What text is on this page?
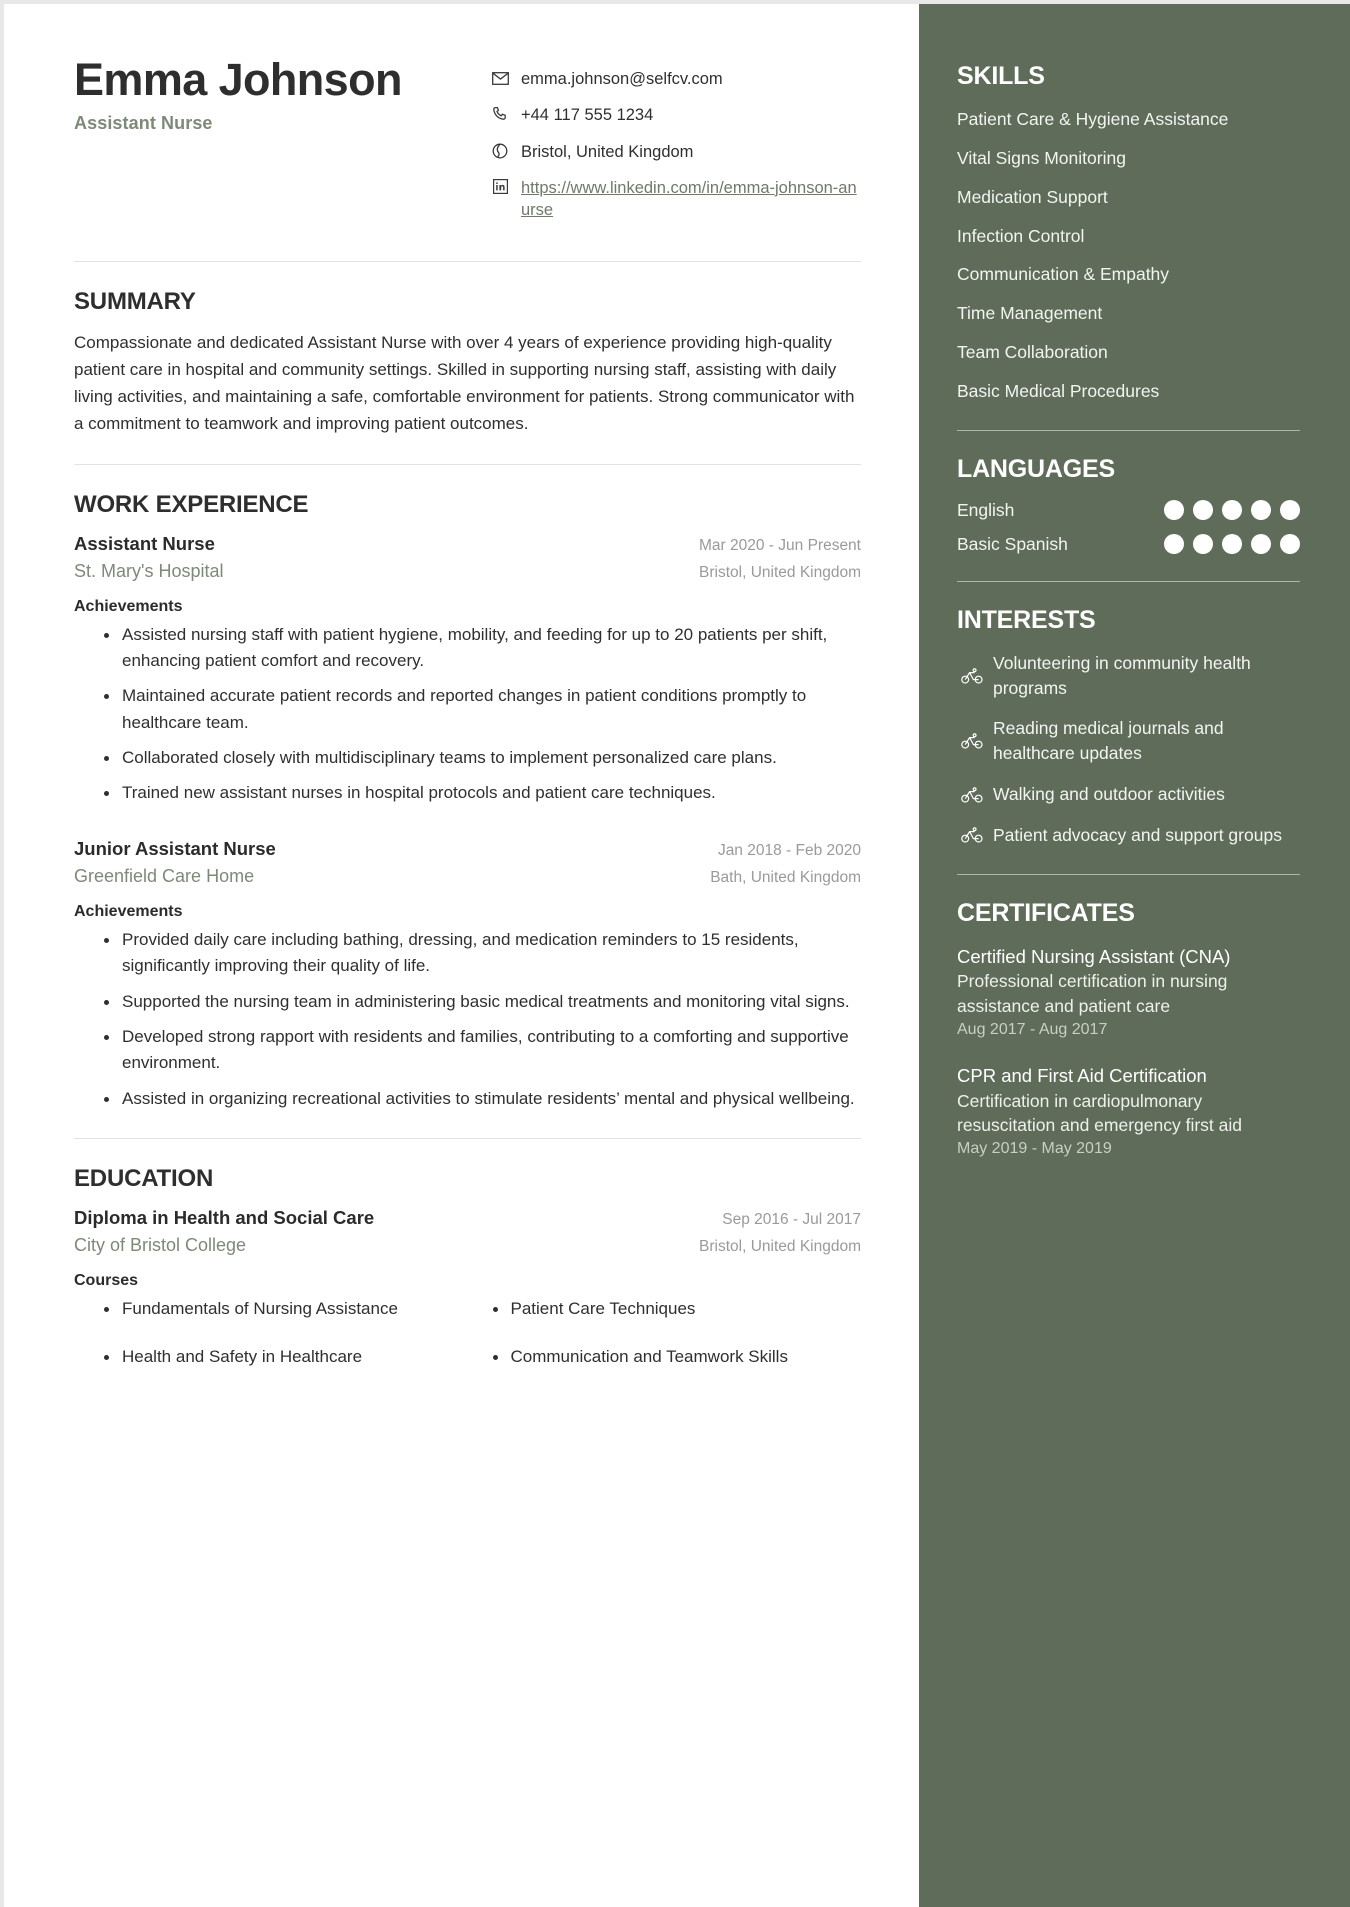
Emma Johnson
Assistant Nurse
emma.johnson@selfcv.com
+44 117 555 1234
Bristol, United Kingdom
https://www.linkedin.com/in/emma-johnson-anurse
SUMMARY

Compassionate and dedicated Assistant Nurse with over 4 years of experience providing high-quality patient care in hospital and community settings. Skilled in supporting nursing staff, assisting with daily living activities, and maintaining a safe, comfortable environment for patients. Strong communicator with a commitment to teamwork and improving patient outcomes.

WORK EXPERIENCE
Assistant Nurse	Mar 2020 - Jun Present
St. Mary's Hospital	Bristol, United Kingdom
Achievements
Assisted nursing staff with patient hygiene, mobility, and feeding for up to 20 patients per shift, enhancing patient comfort and recovery.
Maintained accurate patient records and reported changes in patient conditions promptly to healthcare team.
Collaborated closely with multidisciplinary teams to implement personalized care plans.
Trained new assistant nurses in hospital protocols and patient care techniques.
Junior Assistant Nurse	Jan 2018 - Feb 2020
Greenfield Care Home	Bath, United Kingdom
Achievements
Provided daily care including bathing, dressing, and medication reminders to 15 residents, significantly improving their quality of life.
Supported the nursing team in administering basic medical treatments and monitoring vital signs.
Developed strong rapport with residents and families, contributing to a comforting and supportive environment.
Assisted in organizing recreational activities to stimulate residents’ mental and physical wellbeing.
EDUCATION
Diploma in Health and Social Care	Sep 2016 - Jul 2017
City of Bristol College	Bristol, United Kingdom
Courses
Fundamentals of Nursing Assistance	Patient Care Techniques
Health and Safety in Healthcare	Communication and Teamwork Skills
SKILLS
Patient Care & Hygiene Assistance
Vital Signs Monitoring
Medication Support
Infection Control
Communication & Empathy
Time Management
Team Collaboration
Basic Medical Procedures
LANGUAGES
English
Basic Spanish
INTERESTS
Volunteering in community health programs
Reading medical journals and healthcare updates
Walking and outdoor activities
Patient advocacy and support groups
CERTIFICATES
Certified Nursing Assistant (CNA)
Professional certification in nursing assistance and patient care
Aug 2017 - Aug 2017
CPR and First Aid Certification
Certification in cardiopulmonary resuscitation and emergency first aid
May 2019 - May 2019
